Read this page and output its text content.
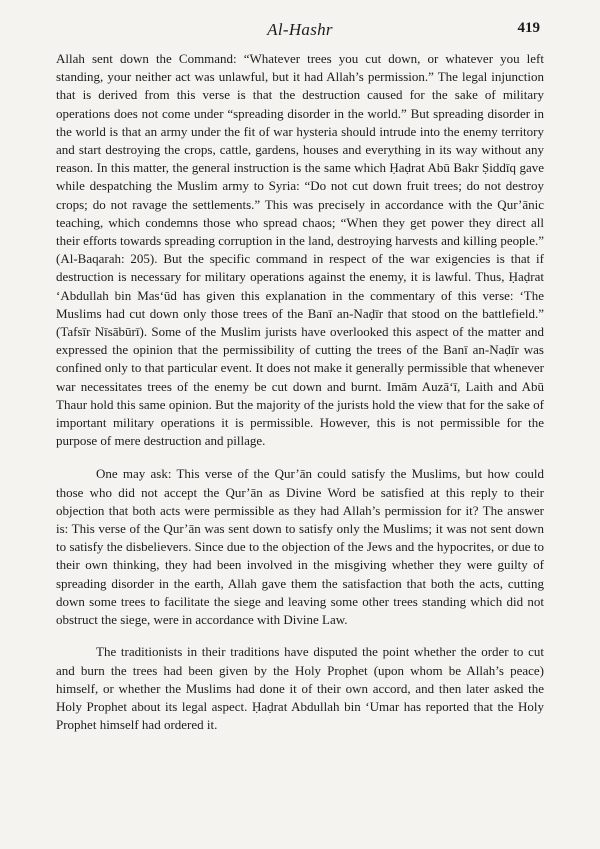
Al-Hashr	419

Allah sent down the Command: “Whatever trees you cut down, or whatever you left standing, your neither act was unlawful, but it had Allah’s permission.” The legal injunction that is derived from this verse is that the destruction caused for the sake of military operations does not come under “spreading disorder in the world.” But spreading disorder in the world is that an army under the fit of war hysteria should intrude into the enemy territory and start destroying the crops, cattle, gardens, houses and everything in its way without any reason. In this matter, the general instruction is the same which Ḥaḍrat Abū Bakr Ṣiddīq gave while despatching the Muslim army to Syria: “Do not cut down fruit trees; do not destroy crops; do not ravage the settlements.” This was precisely in accordance with the Qur’ānic teaching, which condemns those who spread chaos; “When they get power they direct all their efforts towards spreading corruption in the land, destroying harvests and killing people.” (Al-Baqarah: 205). But the specific command in respect of the war exigencies is that if destruction is necessary for military operations against the enemy, it is lawful. Thus, Ḥaḍrat ‘Abdullah bin Mas‘ūd has given this explanation in the commentary of this verse: ‘The Muslims had cut down only those trees of the Banī an-Naḍīr that stood on the battlefield.” (Tafsīr Nīsābūrī). Some of the Muslim jurists have overlooked this aspect of the matter and expressed the opinion that the permissibility of cutting the trees of the Banī an-Naḍīr was confined only to that particular event. It does not make it generally permissible that whenever war necessitates trees of the enemy be cut down and burnt. Imām Auzā‘ī, Laith and Abū Thaur hold this same opinion. But the majority of the jurists hold the view that for the sake of important military operations it is permissible. However, this is not permissible for the purpose of mere destruction and pillage.

One may ask: This verse of the Qur’ān could satisfy the Muslims, but how could those who did not accept the Qur’ān as Divine Word be satisfied at this reply to their objection that both acts were permissible as they had Allah’s permission for it? The answer is: This verse of the Qur’ān was sent down to satisfy only the Muslims; it was not sent down to satisfy the disbelievers. Since due to the objection of the Jews and the hypocrites, or due to their own thinking, they had been involved in the misgiving whether they were guilty of spreading disorder in the earth, Allah gave them the satisfaction that both the acts, cutting down some trees to facilitate the siege and leaving some other trees standing which did not obstruct the siege, were in accordance with Divine Law.

The traditionists in their traditions have disputed the point whether the order to cut and burn the trees had been given by the Holy Prophet (upon whom be Allah’s peace) himself, or whether the Muslims had done it of their own accord, and then later asked the Holy Prophet about its legal aspect. Ḥaḍrat Abdullah bin ‘Umar has reported that the Holy Prophet himself had ordered it.
